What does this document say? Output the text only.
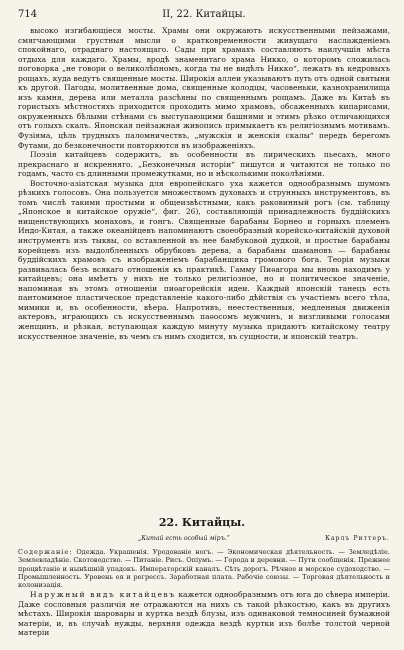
714	II, 22. Китайцы.

высоко изгибающіеся мосты. Храмы они окружаютъ искусственными пейзажами, смягчающими грустныя мысли о кратковременности живущаго наслажденіемъ спокойнаго, отраднаго настоящаго. Сады при храмахъ составляютъ наилучшія мѣста отдыха для каждаго. Храмы, вродѣ знаменитаго храма Никко, о которомъ сложилась поговорка „не говори о великолѣпномъ, когда ты не видѣлъ Никко“, лежатъ въ кедровыхъ рощахъ, куда ведутъ священные мосты. Широкія аллеи указываютъ путь отъ одной святыни къ другой. Пагоды, молитвенные дома, священные колодцы, часовеньки, казнохранилища изъ камня, дерева или металла разсѣяны по священнымъ рощамъ. Даже въ Китаѣ въ гористыхъ мѣстностяхъ приходится проходить мимо храмовъ, обсаженныхъ кипарисами, окруженныхъ бѣлыми стѣнами съ выступающими башнями и этимъ рѣзко отличающихся отъ голыхъ скалъ. Японская пейзажная живопись примыкаетъ къ религіознымъ мотивамъ. Фузіяма, цѣль трудныхъ паломничествъ, „мужскія и женскія скалы“ передъ берегомъ Футами, до безконечности повторяются въ изображеніяхъ.

Поэзія китайцевъ содержитъ, въ особенности въ лирическихъ пьесахъ, много прекраснаго и искренняго. „Безконечныя исторіи“ пишутся и читаются не только по годамъ, часто съ длинными промежутками, но и нѣсколькими поколѣніями.

Восточно-азіатская музыка для европейскаго уха кажется однообразнымъ шумомъ рѣзкихъ голосовъ. Она пользуется множествомъ духовыхъ и струнныхъ инструментовъ, въ томъ числѣ такими простыми и общеизвѣстными, какъ раковинный рогъ (см. таблицу „Японское и китайское оружіе“, фиг. 26), составляющій принадлежность буддійскихъ нищенствующихъ монаховъ, и гонгъ. Священные барабаны Борнео и горныхъ племенъ Индо-Китая, а также океанійцевъ напоминаютъ своеобразный корейско-китайскій духовой инструментъ изъ тыквы, со вставленной въ нее бамбуковой дудкой, и простые барабаны корейцевъ изъ выдолбленныхъ обрубковъ дерева, а барабаны шамановъ — барабаны буддійскихъ храмовъ съ изображеніемъ барабанщика громового бога. Теорія музыки развивалась безъ всякаго отношенія къ практикѣ. Гамму Пиѳагора мы вновь находимъ у китайцевъ; она имѣетъ у нихъ не только религіозное, но и политическое значеніе, напоминая въ этомъ отношеніи пиѳагорейскія идеи. Каждый японскій танецъ есть пантомимное пластическое представленіе какого-либо дѣйствія съ участіемъ всего тѣла, мимики и, въ особенности, вѣера. Напротивъ, неестественныя, медленныя движенія актеровъ, играющихъ съ искусственнымъ паѳосомъ мужчинъ, и визгливыми голосами женщинъ, и рѣзкая, вступающая каждую минуту музыка придаютъ китайскому театру искусственное значеніе, въ чемъ съ нимъ сходится, въ сущности, и японскій театръ.

22. Китайцы.
„Китай есть особый міръ.“	Карлъ Риттеръ.
Содержаніе: Одежда. Украшенія. Уродованіе ногъ. — Экономическая дѣятельность. — Земледѣліе. Землевладѣніе. Скотоводство. — Питаніе. Рисъ. Опіумъ. — Города и деревни. — Пути сообщенія. Прежнее процвѣтаніе и нынѣшній упадокъ. Императорскій каналъ. Сѣть дорогъ. Рѣчное и морское судоходство. — Промышленность. Уровень ея и регрессъ. Заработная плата. Рабочіе союзы. — Торговая дѣятельность и колонизація.

Наружный видъ китайцевъ кажется однообразнымъ отъ юга до сѣвера имперіи. Даже сословныя различія не отражаются на нихъ съ такой рѣзкостью, какъ въ другихъ мѣстахъ. Широкія шаровары и куртка вездѣ блузы, изъ одинаковой темносиней бумажной матеріи, и, въ случаѣ нужды, верхняя одежда вездѣ куртки изъ болѣе толстой черной матеріи
